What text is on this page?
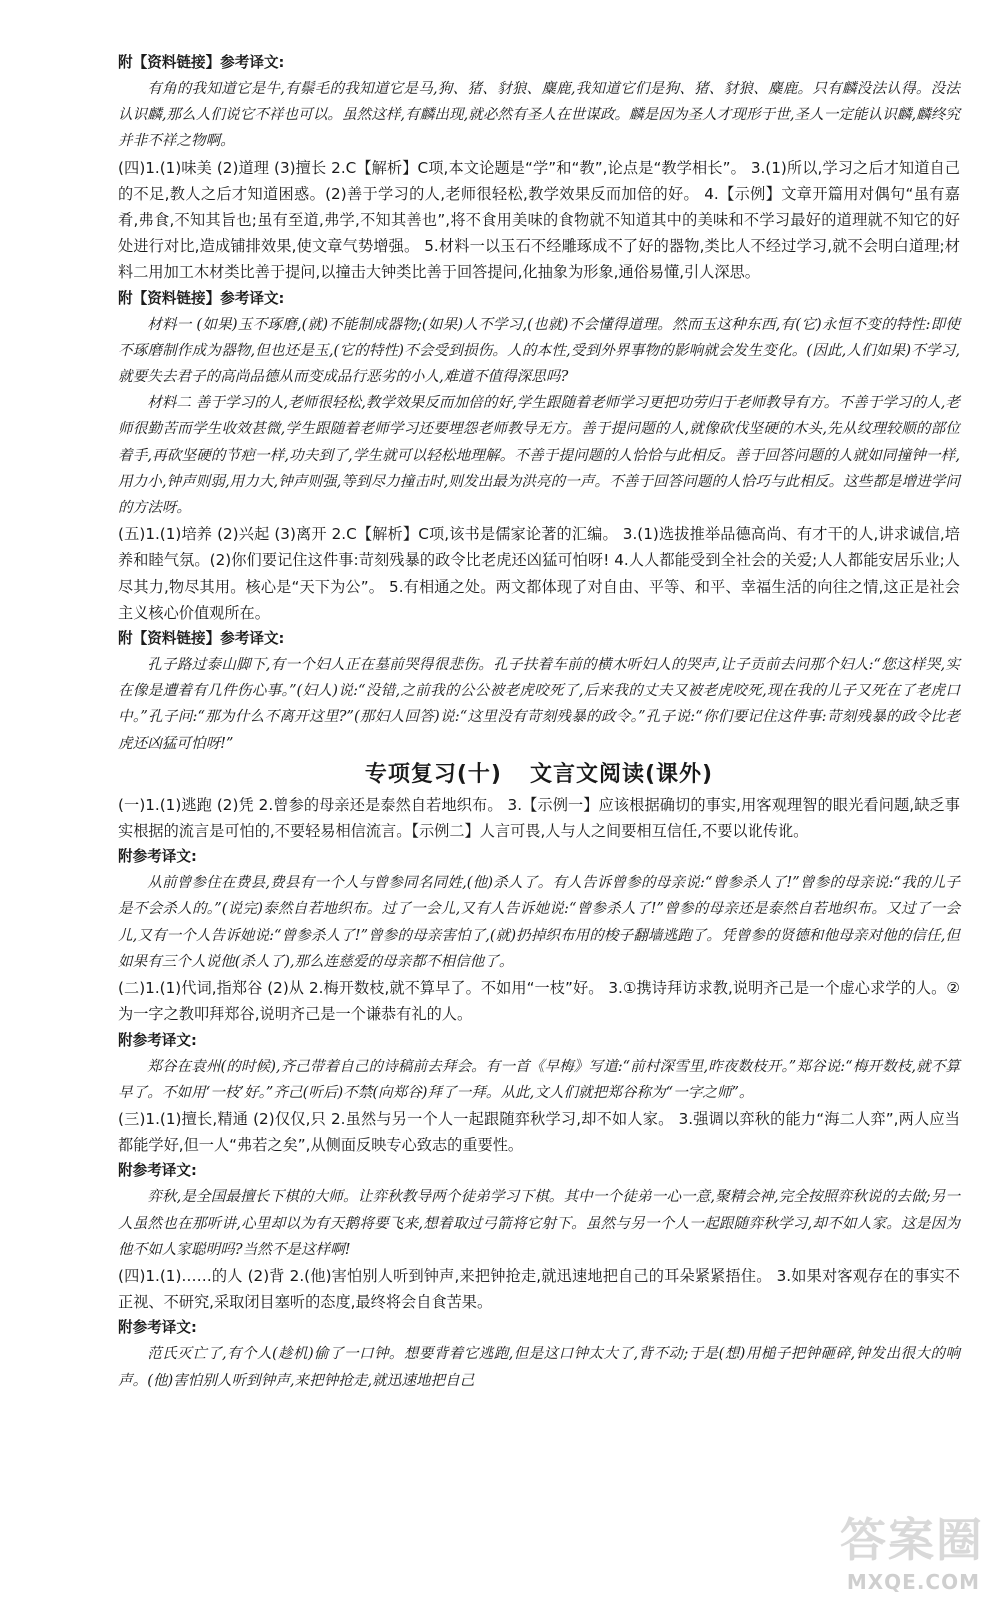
附【资料链接】参考译文:

有角的我知道它是牛,有鬃毛的我知道它是马,狗、猪、豺狼、麋鹿,我知道它们是狗、猪、豺狼、麋鹿。只有麟没法认得。没法认识麟,那么人们说它不祥也可以。虽然这样,有麟出现,就必然有圣人在世谋政。麟是因为圣人才现形于世,圣人一定能认识麟,麟终究并非不祥之物啊。

(四)1.(1)味美 (2)道理 (3)擅长 2.C【解析】C项,本文论题是“学”和“教”,论点是“教学相长”。 3.(1)所以,学习之后才知道自己的不足,教人之后才知道困惑。(2)善于学习的人,老师很轻松,教学效果反而加倍的好。 4.【示例】文章开篇用对偶句“虽有嘉肴,弗食,不知其旨也;虽有至道,弗学,不知其善也”,将不食用美味的食物就不知道其中的美味和不学习最好的道理就不知它的好处进行对比,造成铺排效果,使文章气势增强。 5.材料一以玉石不经雕琢成不了好的器物,类比人不经过学习,就不会明白道理;材料二用加工木材类比善于提问,以撞击大钟类比善于回答提问,化抽象为形象,通俗易懂,引人深思。

附【资料链接】参考译文:

材料一 (如果)玉不琢磨,(就)不能制成器物;(如果)人不学习,(也就)不会懂得道理。然而玉这种东西,有(它)永恒不变的特性:即使不琢磨制作成为器物,但也还是玉,(它的特性)不会受到损伤。人的本性,受到外界事物的影响就会发生变化。(因此,人们如果)不学习,就要失去君子的高尚品德从而变成品行恶劣的小人,难道不值得深思吗?

材料二 善于学习的人,老师很轻松,教学效果反而加倍的好,学生跟随着老师学习更把功劳归于老师教导有方。不善于学习的人,老师很勤苦而学生收效甚微,学生跟随着老师学习还要埋怨老师教导无方。善于提问题的人,就像砍伐坚硬的木头,先从纹理较顺的部位着手,再砍坚硬的节疤一样,功夫到了,学生就可以轻松地理解。不善于提问题的人恰恰与此相反。善于回答问题的人就如同撞钟一样,用力小,钟声则弱,用力大,钟声则强,等到尽力撞击时,则发出最为洪亮的一声。不善于回答问题的人恰巧与此相反。这些都是增进学问的方法呀。

(五)1.(1)培养 (2)兴起 (3)离开 2.C【解析】C项,该书是儒家论著的汇编。 3.(1)选拔推举品德高尚、有才干的人,讲求诚信,培养和睦气氛。(2)你们要记住这件事:苛刻残暴的政令比老虎还凶猛可怕呀! 4.人人都能受到全社会的关爱;人人都能安居乐业;人尽其力,物尽其用。核心是“天下为公”。 5.有相通之处。两文都体现了对自由、平等、和平、幸福生活的向往之情,这正是社会主义核心价值观所在。

附【资料链接】参考译文:

孔子路过泰山脚下,有一个妇人正在墓前哭得很悲伤。孔子扶着车前的横木听妇人的哭声,让子贡前去问那个妇人:“您这样哭,实在像是遭着有几件伤心事。”(妇人)说:“没错,之前我的公公被老虎咬死了,后来我的丈夫又被老虎咬死,现在我的儿子又死在了老虎口中。”孔子问:“那为什么不离开这里?”(那妇人回答)说:“这里没有苛刻残暴的政令。”孔子说:“你们要记住这件事:苛刻残暴的政令比老虎还凶猛可怕呀!”

专项复习(十) 文言文阅读(课外)

(一)1.(1)逃跑 (2)凭 2.曾参的母亲还是泰然自若地织布。 3.【示例一】应该根据确切的事实,用客观理智的眼光看问题,缺乏事实根据的流言是可怕的,不要轻易相信流言。【示例二】人言可畏,人与人之间要相互信任,不要以讹传讹。

附参考译文:

从前曾参住在费县,费县有一个人与曾参同名同姓,(他)杀人了。有人告诉曾参的母亲说:“曾参杀人了!”曾参的母亲说:“我的儿子是不会杀人的。”(说完)泰然自若地织布。过了一会儿,又有人告诉她说:“曾参杀人了!”曾参的母亲还是泰然自若地织布。又过了一会儿,又有一个人告诉她说:“曾参杀人了!”曾参的母亲害怕了,(就)扔掉织布用的梭子翻墙逃跑了。凭曾参的贤德和他母亲对他的信任,但如果有三个人说他(杀人了),那么连慈爱的母亲都不相信他了。

(二)1.(1)代词,指郑谷 (2)从 2.梅开数枝,就不算早了。不如用“一枝”好。 3.①携诗拜访求教,说明齐己是一个虚心求学的人。②为一字之教叩拜郑谷,说明齐己是一个谦恭有礼的人。

附参考译文:

郑谷在袁州(的时候),齐己带着自己的诗稿前去拜会。有一首《早梅》写道:“前村深雪里,昨夜数枝开。”郑谷说:“梅开数枝,就不算早了。不如用‘一枝’好。”齐己(听后)不禁(向郑谷)拜了一拜。从此,文人们就把郑谷称为“一字之师”。

(三)1.(1)擅长,精通 (2)仅仅,只 2.虽然与另一个人一起跟随弈秋学习,却不如人家。 3.强调以弈秋的能力“海二人弈”,两人应当都能学好,但一人“弗若之矣”,从侧面反映专心致志的重要性。

附参考译文:

弈秋,是全国最擅长下棋的大师。让弈秋教导两个徒弟学习下棋。其中一个徒弟一心一意,聚精会神,完全按照弈秋说的去做;另一人虽然也在那听讲,心里却以为有天鹅将要飞来,想着取过弓箭将它射下。虽然与另一个人一起跟随弈秋学习,却不如人家。这是因为他不如人家聪明吗?当然不是这样啊!

(四)1.(1)……的人 (2)背 2.(他)害怕别人听到钟声,来把钟抢走,就迅速地把自己的耳朵紧紧捂住。 3.如果对客观存在的事实不正视、不研究,采取闭目塞听的态度,最终将会自食苦果。

附参考译文:

范氏灭亡了,有个人(趁机)偷了一口钟。想要背着它逃跑,但是这口钟太大了,背不动;于是(想)用槌子把钟砸碎,钟发出很大的响声。(他)害怕别人听到钟声,来把钟抢走,就迅速地把自己

答案圈
MXQE.COM
